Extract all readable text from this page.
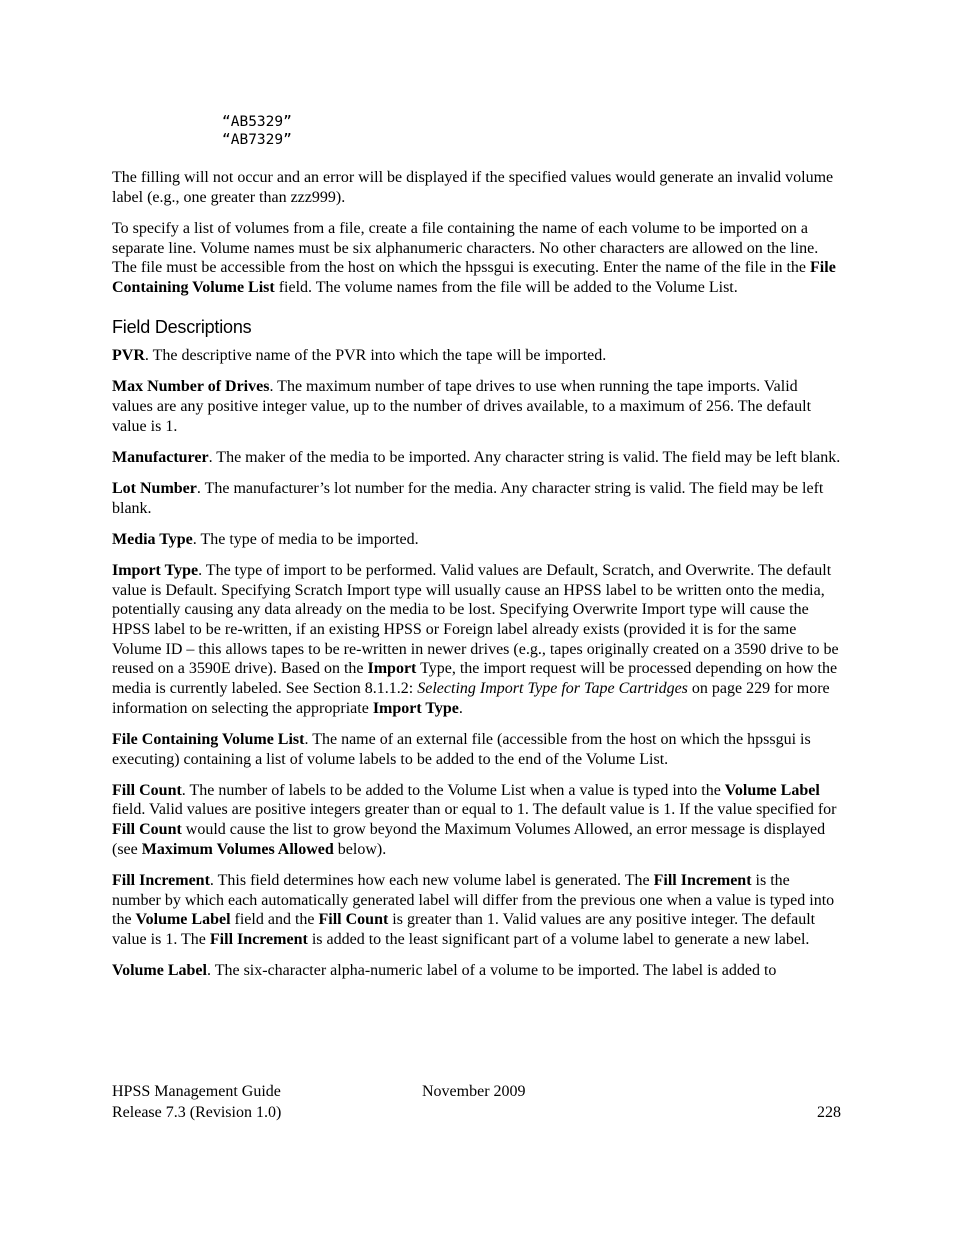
“AB5329”
“AB7329”

The filling will not occur and an error will be displayed if the specified values would generate an invalid volume label (e.g., one greater than zzz999).

To specify a list of volumes from a file, create a file containing the name of each volume to be imported on a separate line. Volume names must be six alphanumeric characters. No other characters are allowed on the line. The file must be accessible from the host on which the hpssgui is executing. Enter the name of the file in the File Containing Volume List field. The volume names from the file will be added to the Volume List.

Field Descriptions

PVR. The descriptive name of the PVR into which the tape will be imported.

Max Number of Drives. The maximum number of tape drives to use when running the tape imports. Valid values are any positive integer value, up to the number of drives available, to a maximum of 256. The default value is 1.

Manufacturer. The maker of the media to be imported. Any character string is valid. The field may be left blank.

Lot Number. The manufacturer’s lot number for the media. Any character string is valid. The field may be left blank.

Media Type. The type of media to be imported.

Import Type. The type of import to be performed. Valid values are Default, Scratch, and Overwrite. The default value is Default. Specifying Scratch Import type will usually cause an HPSS label to be written onto the media, potentially causing any data already on the media to be lost. Specifying Overwrite Import type will cause the HPSS label to be re-written, if an existing HPSS or Foreign label already exists (provided it is for the same Volume ID – this allows tapes to be re-written in newer drives (e.g., tapes originally created on a 3590 drive to be reused on a 3590E drive). Based on the Import Type, the import request will be processed depending on how the media is currently labeled. See Section 8.1.1.2: Selecting Import Type for Tape Cartridges on page 229 for more information on selecting the appropriate Import Type.

File Containing Volume List. The name of an external file (accessible from the host on which the hpssgui is executing) containing a list of volume labels to be added to the end of the Volume List.

Fill Count. The number of labels to be added to the Volume List when a value is typed into the Volume Label field. Valid values are positive integers greater than or equal to 1. The default value is 1. If the value specified for Fill Count would cause the list to grow beyond the Maximum Volumes Allowed, an error message is displayed (see Maximum Volumes Allowed below).

Fill Increment. This field determines how each new volume label is generated. The Fill Increment is the number by which each automatically generated label will differ from the previous one when a value is typed into the Volume Label field and the Fill Count is greater than 1. Valid values are any positive integer. The default value is 1. The Fill Increment is added to the least significant part of a volume label to generate a new label.

Volume Label. The six-character alpha-numeric label of a volume to be imported. The label is added to

HPSS Management Guide
Release 7.3 (Revision 1.0)
November 2009
228
